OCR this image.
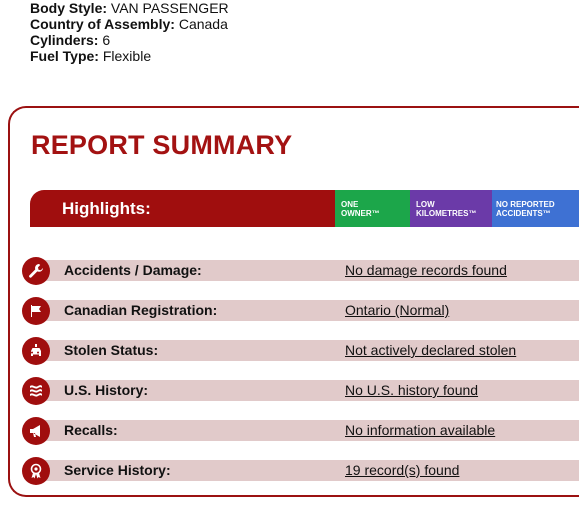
Body Style: VAN PASSENGER
Country of Assembly: Canada
Cylinders: 6
Fuel Type: Flexible
REPORT SUMMARY
Highlights:	ONE
OWNER™
LOW
KILOMETRES™
NO REPORTED
ACCIDENTS™
Accidents / Damage:	No damage records found
Canadian Registration:	Ontario (Normal)
Stolen Status:	Not actively declared stolen
U.S. History:	No U.S. history found
Recalls:	No information available
Service History:	19 record(s) found
